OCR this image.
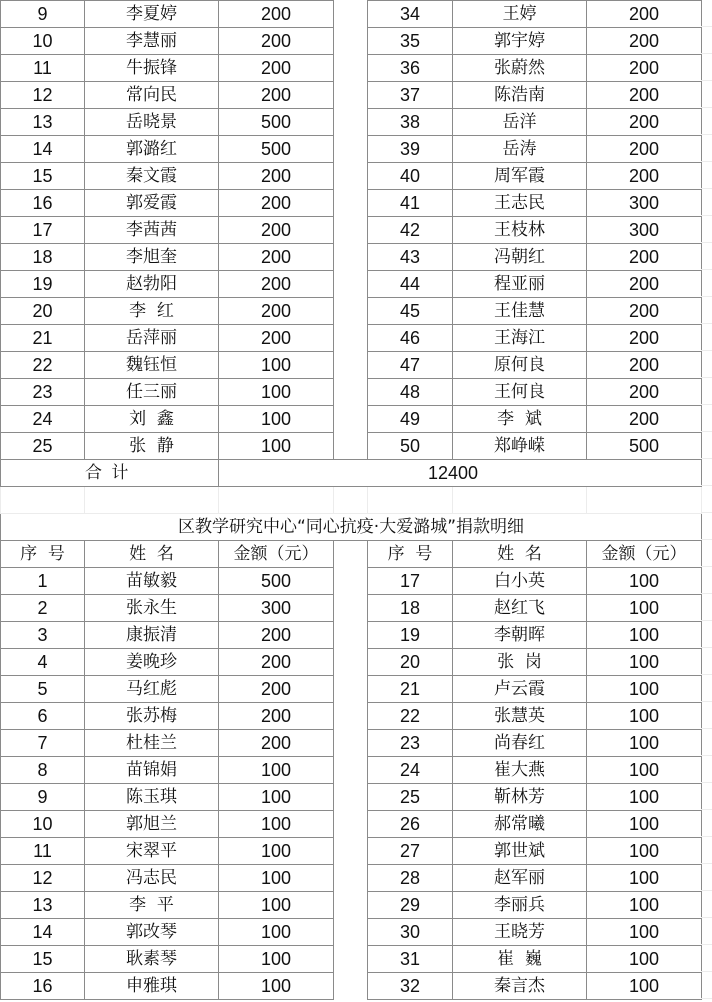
9	李夏婷	200		34	王婷	200
10	李慧丽	200		35	郭宇婷	200
11	牛振锋	200		36	张蔚然	200
12	常向民	200		37	陈浩南	200
13	岳晓景	500		38	岳洋	200
14	郭潞红	500		39	岳涛	200
15	秦文霞	200		40	周军霞	200
16	郭爱霞	200		41	王志民	300
17	李茜茜	200		42	王枝林	300
18	李旭奎	200		43	冯朝红	200
19	赵勃阳	200		44	程亚丽	200
20	李  红	200		45	王佳慧	200
21	岳萍丽	200		46	王海江	200
22	魏钰恒	100		47	原何良	200
23	任三丽	100		48	王何良	200
24	刘  鑫	100		49	李  斌	200
25	张  静	100		50	郑峥嵘	500
合 计		12400				

区教学研究中心“同心抗疫·大爱潞城”捐款明细						
序  号	姓  名	金额（元）		序  号	姓  名	金额（元）
1	苗敏毅	500		17	白小英	100
2	张永生	300		18	赵红飞	100
3	康振清	200		19	李朝晖	100
4	姜晚珍	200		20	张  岗	100
5	马红彪	200		21	卢云霞	100
6	张苏梅	200		22	张慧英	100
7	杜桂兰	200		23	尚春红	100
8	苗锦娟	100		24	崔大燕	100
9	陈玉琪	100		25	靳林芳	100
10	郭旭兰	100		26	郝常曦	100
11	宋翠平	100		27	郭世斌	100
12	冯志民	100		28	赵军丽	100
13	李  平	100		29	李丽兵	100
14	郭改琴	100		30	王晓芳	100
15	耿素琴	100		31	崔  巍	100
16	申雅琪	100		32	秦言杰	100
